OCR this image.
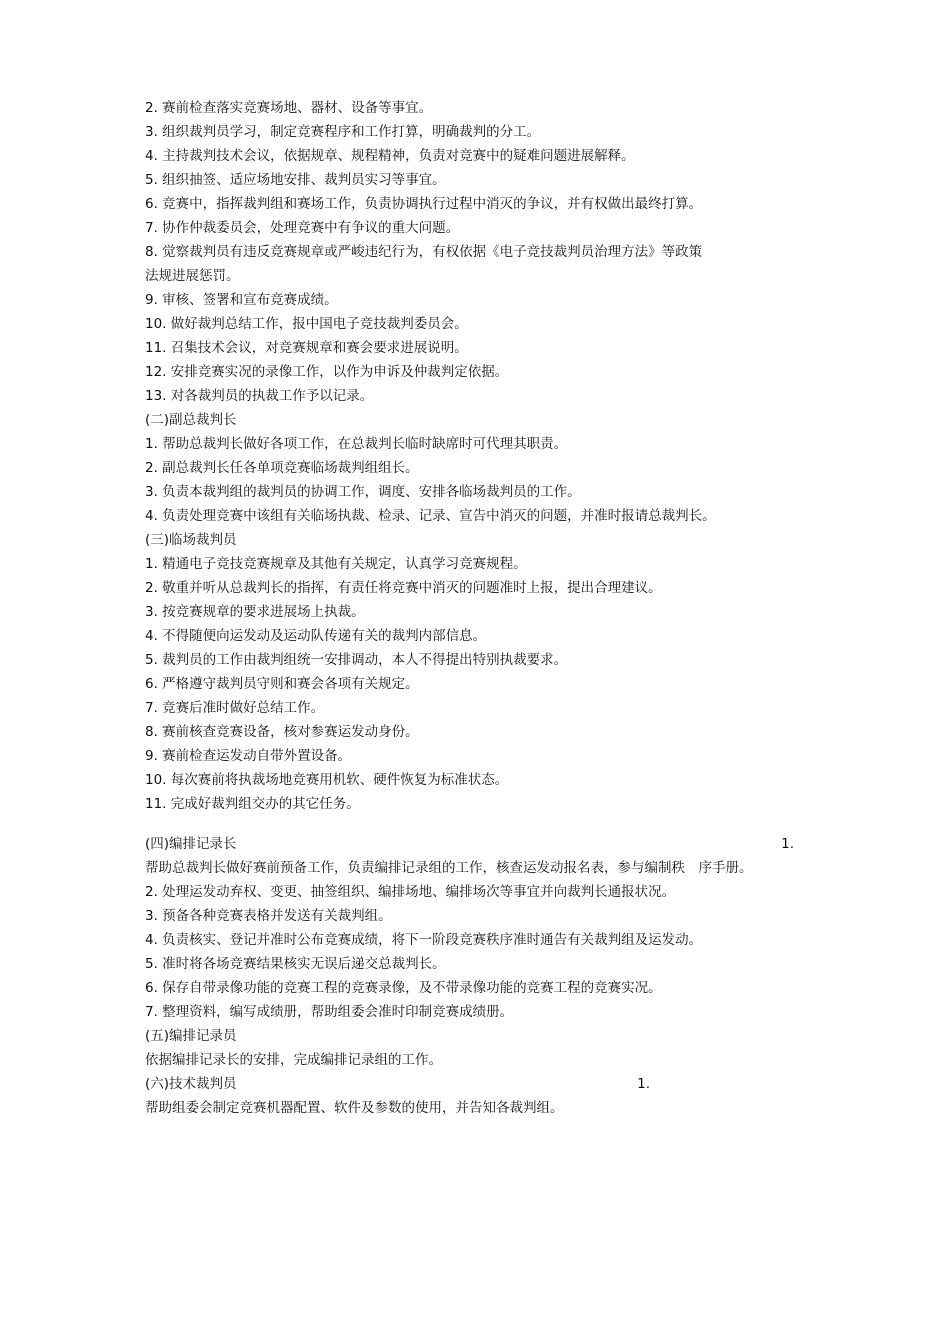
2. 赛前检查落实竞赛场地、器材、设备等事宜。
3. 组织裁判员学习，制定竞赛程序和工作打算，明确裁判的分工。
4. 主持裁判技术会议，依据规章、规程精神，负责对竞赛中的疑难问题进展解释。
5. 组织抽签、适应场地安排、裁判员实习等事宜。
6. 竞赛中，指挥裁判组和赛场工作，负责协调执行过程中消灭的争议，并有权做出最终打算。
7. 协作仲裁委员会，处理竞赛中有争议的重大问题。
8. 觉察裁判员有违反竞赛规章或严峻违纪行为，有权依据《电子竞技裁判员治理方法》等政策
法规进展惩罚。
9. 审核、签署和宣布竞赛成绩。
10. 做好裁判总结工作，报中国电子竞技裁判委员会。
11. 召集技术会议，对竞赛规章和赛会要求进展说明。
12. 安排竞赛实况的录像工作，以作为申诉及仲裁判定依据。
13. 对各裁判员的执裁工作予以记录。
(二)副总裁判长
1. 帮助总裁判长做好各项工作，在总裁判长临时缺席时可代理其职责。
2. 副总裁判长任各单项竞赛临场裁判组组长。
3. 负责本裁判组的裁判员的协调工作，调度、安排各临场裁判员的工作。
4. 负责处理竞赛中该组有关临场执裁、检录、记录、宣告中消灭的问题，并准时报请总裁判长。
(三)临场裁判员
1. 精通电子竞技竞赛规章及其他有关规定，认真学习竞赛规程。
2. 敬重并听从总裁判长的指挥，有责任将竞赛中消灭的问题准时上报，提出合理建议。
3. 按竞赛规章的要求进展场上执裁。
4. 不得随便向运发动及运动队传递有关的裁判内部信息。
5. 裁判员的工作由裁判组统一安排调动，本人不得提出特别执裁要求。
6. 严格遵守裁判员守则和赛会各项有关规定。
7. 竞赛后准时做好总结工作。
8. 赛前核查竞赛设备，核对参赛运发动身份。
9. 赛前检查运发动自带外置设备。
10. 每次赛前将执裁场地竞赛用机软、硬件恢复为标准状态。
11. 完成好裁判组交办的其它任务。
(四)编排记录长	1.
帮助总裁判长做好赛前预备工作，负责编排记录组的工作，核查运发动报名表，参与编制秩　序手册。
2. 处理运发动弃权、变更、抽签组织、编排场地、编排场次等事宜并向裁判长通报状况。
3. 预备各种竞赛表格并发送有关裁判组。
4. 负责核实、登记并准时公布竞赛成绩，将下一阶段竞赛秩序准时通告有关裁判组及运发动。
5. 准时将各场竞赛结果核实无误后递交总裁判长。
6. 保存自带录像功能的竞赛工程的竞赛录像，及不带录像功能的竞赛工程的竞赛实况。
7. 整理资料，编写成绩册，帮助组委会准时印制竞赛成绩册。
(五)编排记录员
依据编排记录长的安排，完成编排记录组的工作。
(六)技术裁判员	1.
帮助组委会制定竞赛机器配置、软件及参数的使用，并告知各裁判组。
